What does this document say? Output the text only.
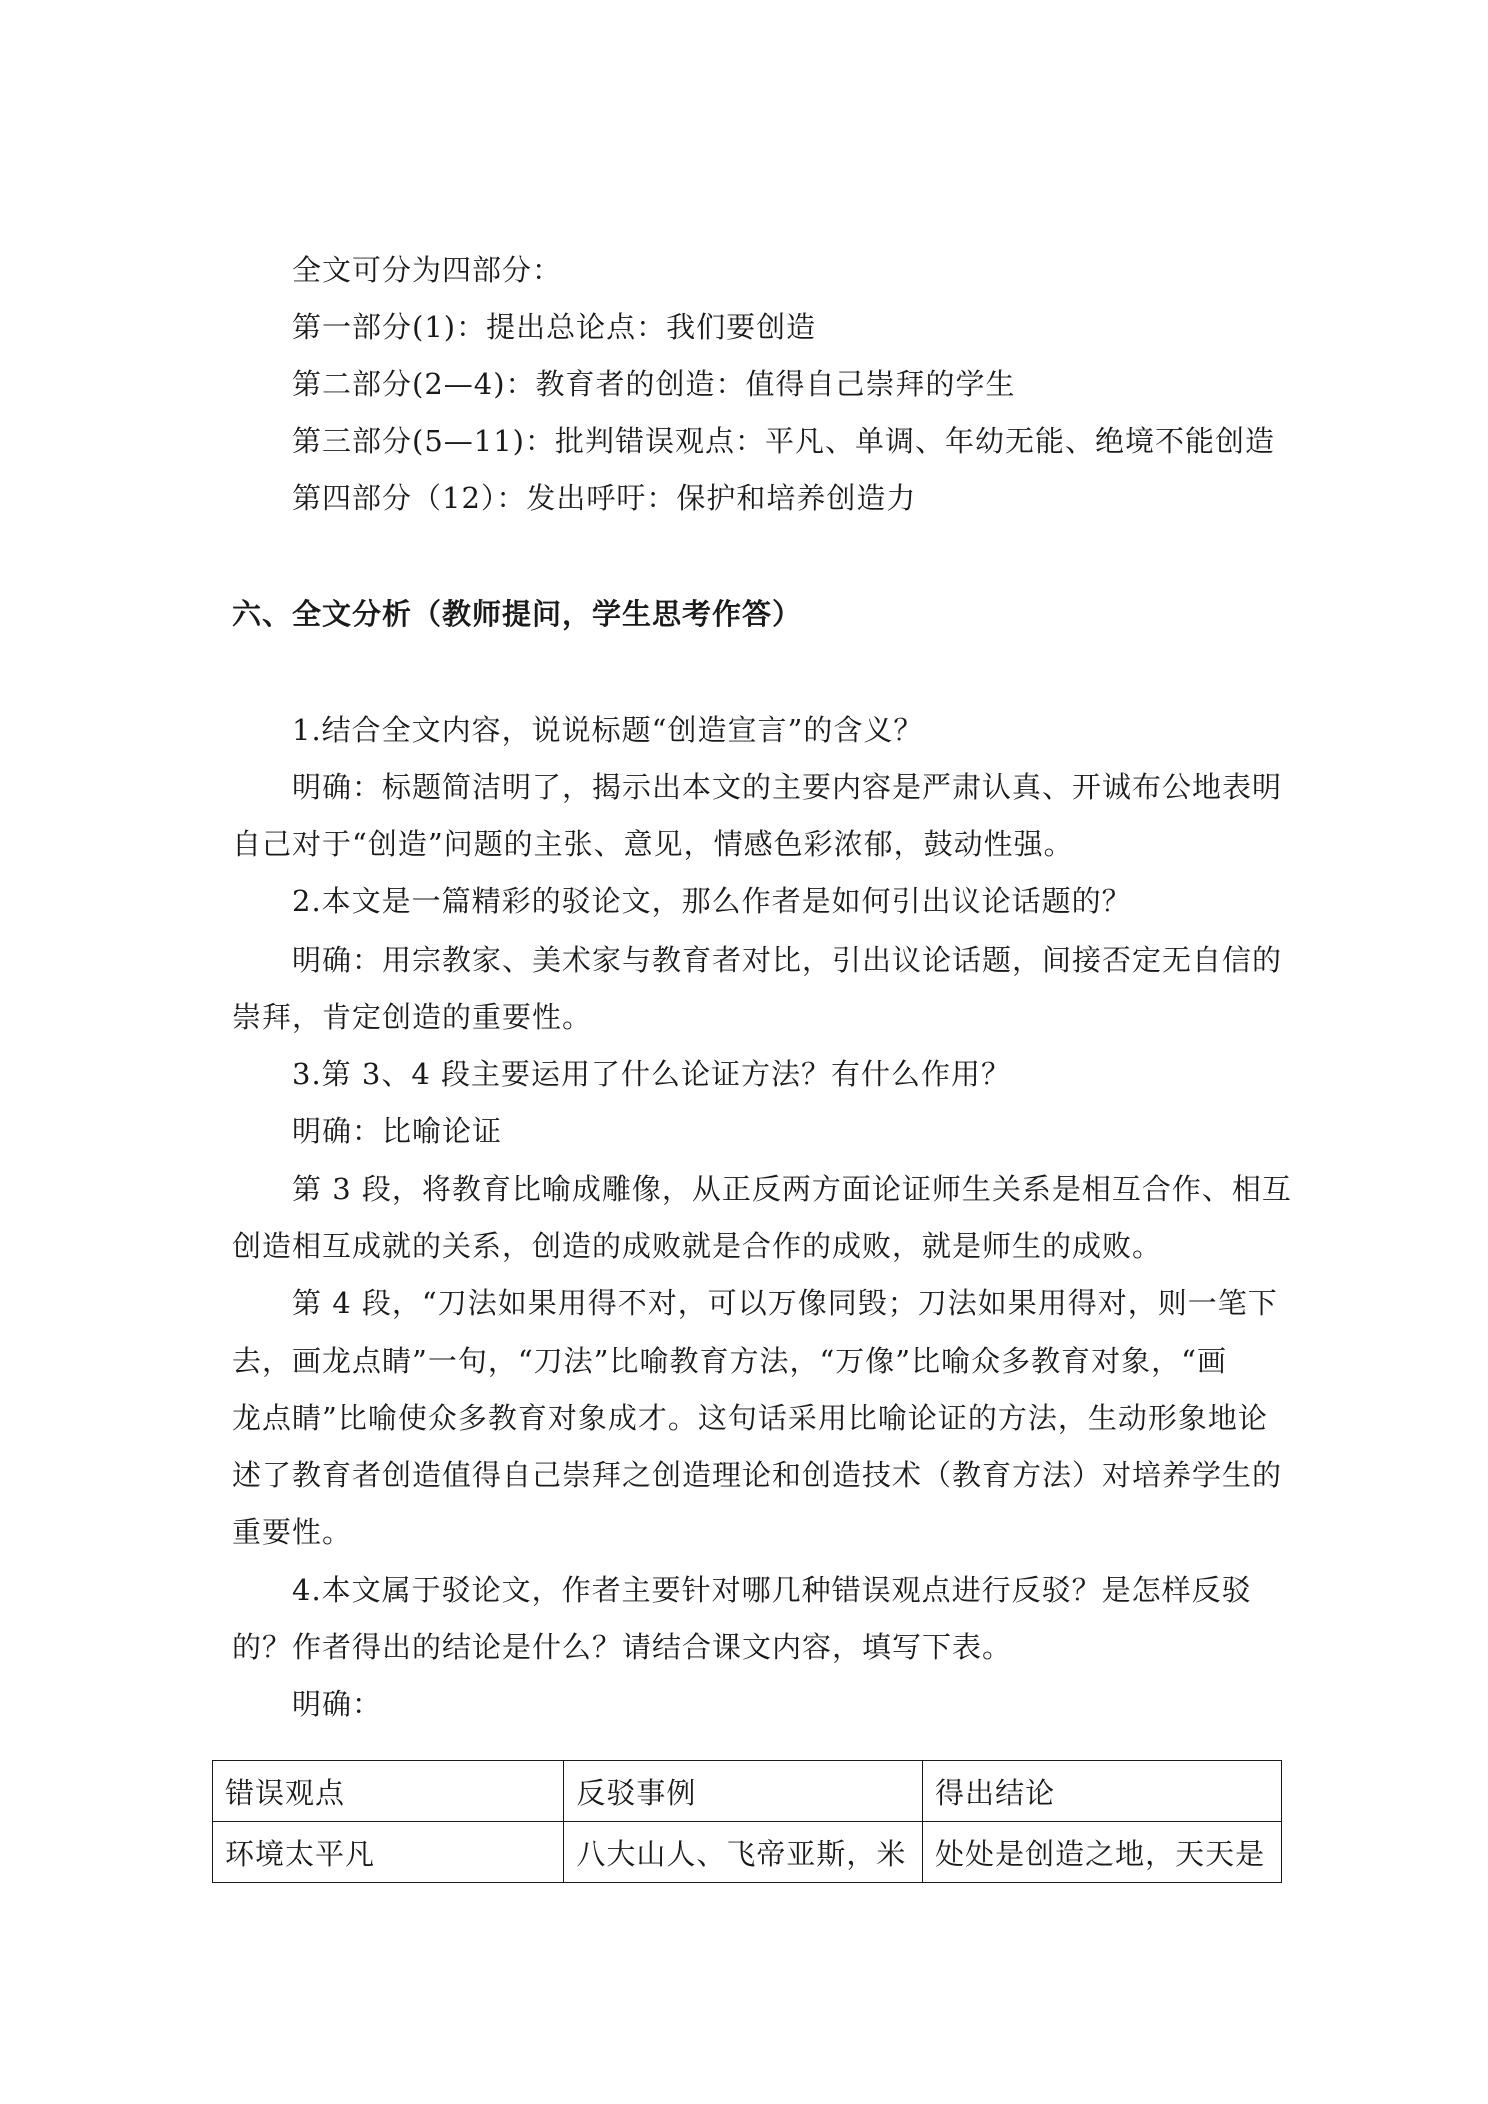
全文可分为四部分：
第一部分(1)：提出总论点：我们要创造
第二部分(2—4)：教育者的创造：值得自己崇拜的学生
第三部分(5—11)：批判错误观点：平凡、单调、年幼无能、绝境不能创造
第四部分（12）：发出呼吁：保护和培养创造力
六、全文分析（教师提问，学生思考作答）
1.结合全文内容，说说标题“创造宣言”的含义？
明确：标题简洁明了，揭示出本文的主要内容是严肃认真、开诚布公地表明
自己对于“创造”问题的主张、意见，情感色彩浓郁，鼓动性强。
2.本文是一篇精彩的驳论文，那么作者是如何引出议论话题的？
明确：用宗教家、美术家与教育者对比，引出议论话题，间接否定无自信的
崇拜，肯定创造的重要性。
3.第 3、4 段主要运用了什么论证方法？有什么作用？
明确：比喻论证
第 3 段，将教育比喻成雕像，从正反两方面论证师生关系是相互合作、相互
创造相互成就的关系，创造的成败就是合作的成败，就是师生的成败。
第 4 段，“刀法如果用得不对，可以万像同毁；刀法如果用得对，则一笔下
去，画龙点睛”一句，“刀法”比喻教育方法，“万像”比喻众多教育对象，“画
龙点睛”比喻使众多教育对象成才。这句话采用比喻论证的方法，生动形象地论
述了教育者创造值得自己崇拜之创造理论和创造技术（教育方法）对培养学生的
重要性。
4.本文属于驳论文，作者主要针对哪几种错误观点进行反驳？是怎样反驳
的？作者得出的结论是什么？请结合课文内容，填写下表。
明确：
错误观点	反驳事例	得出结论
环境太平凡	八大山人、飞帝亚斯，米	处处是创造之地，天天是
